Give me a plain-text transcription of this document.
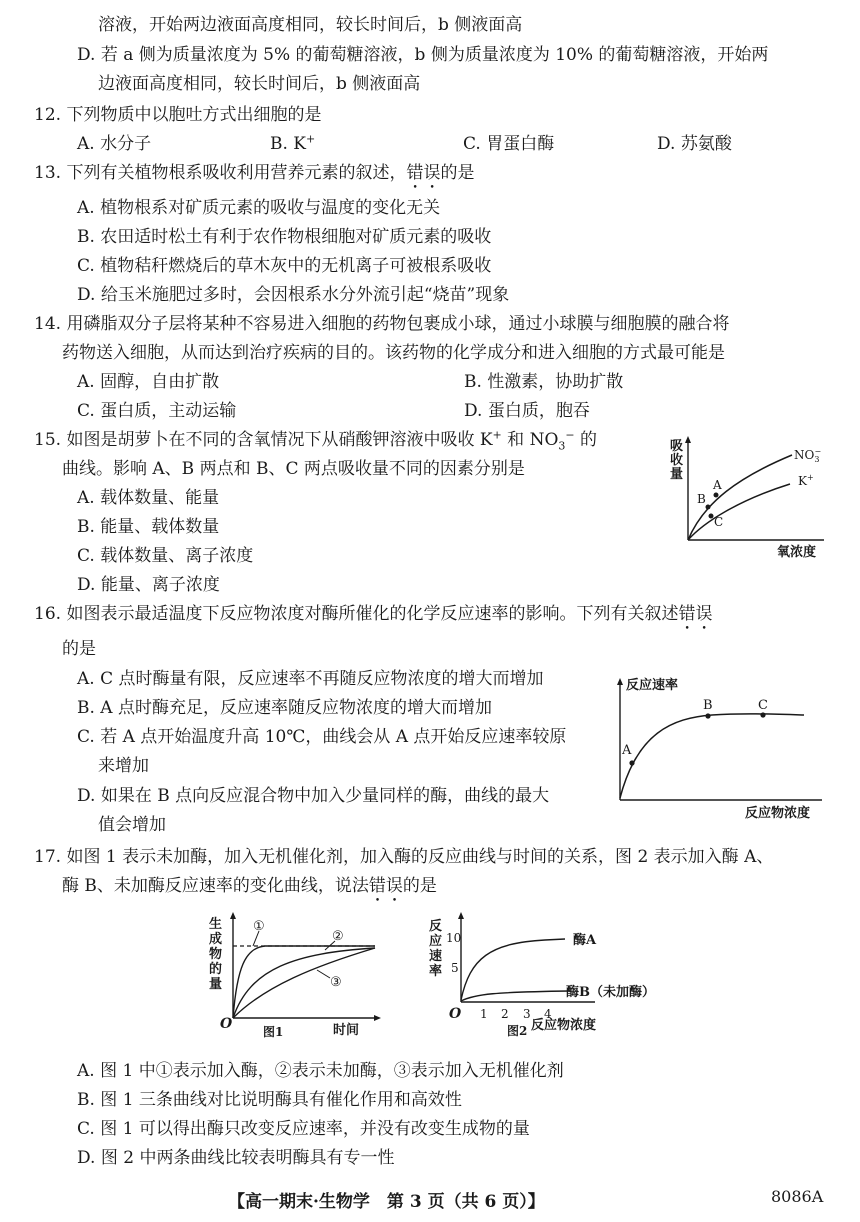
溶液，开始两边液面高度相同，较长时间后，b 侧液面高
D. 若 a 侧为质量浓度为 5% 的葡萄糖溶液，b 侧为质量浓度为 10% 的葡萄糖溶液，开始两
边液面高度相同，较长时间后，b 侧液面高
12. 下列物质中以胞吐方式出细胞的是
A. 水分子	B. K+	C. 胃蛋白酶	D. 苏氨酸
13. 下列有关植物根系吸收利用营养元素的叙述，错误的是
A. 植物根系对矿质元素的吸收与温度的变化无关
B. 农田适时松土有利于农作物根细胞对矿质元素的吸收
C. 植物秸秆燃烧后的草木灰中的无机离子可被根系吸收
D. 给玉米施肥过多时，会因根系水分外流引起“烧苗”现象
14. 用磷脂双分子层将某种不容易进入细胞的药物包裹成小球，通过小球膜与细胞膜的融合将
药物送入细胞，从而达到治疗疾病的目的。该药物的化学成分和进入细胞的方式最可能是
A. 固醇，自由扩散	B. 性激素，协助扩散
C. 蛋白质，主动运输	D. 蛋白质，胞吞
15. 如图是胡萝卜在不同的含氧情况下从硝酸钾溶液中吸收 K+ 和 $NO_3^-$ 的
曲线。影响 A、B 两点和 B、C 两点吸收量不同的因素分别是
A. 载体数量、能量
B. 能量、载体数量
C. 载体数量、离子浓度
D. 能量、离子浓度
吸
收
量
A
B
C
$NO_3-$
K+
氧浓度
16. 如图表示最适温度下反应物浓度对酶所催化的化学反应速率的影响。下列有关叙述错误
的是
A. C 点时酶量有限，反应速率不再随反应物浓度的增大而增加
B. A 点时酶充足，反应速率随反应物浓度的增大而增加
C. 若 A 点开始温度升高 10℃，曲线会从 A 点开始反应速率较原
来增加
D. 如果在 B 点向反应混合物中加入少量同样的酶，曲线的最大
值会增加
反应速率
A
B	C
反应物浓度
17. 如图 1 表示未加酶，加入无机催化剂，加入酶的反应曲线与时间的关系，图 2 表示加入酶 A、
酶 B、未加酶反应速率的变化曲线，说法错误的是
生
成
物
的
量
①
②
③
O	图1	时间
反
应
速
率
10
5
O 1 2 3 4
酶A
酶B（未加酶）
图2 反应物浓度
A. 图 1 中①表示加入酶，②表示未加酶，③表示加入无机催化剂
B. 图 1 三条曲线对比说明酶具有催化作用和高效性
C. 图 1 可以得出酶只改变反应速率，并没有改变生成物的量
D. 图 2 中两条曲线比较表明酶具有专一性
【高一期末·生物学　第 3 页（共 6 页）】	8086A
